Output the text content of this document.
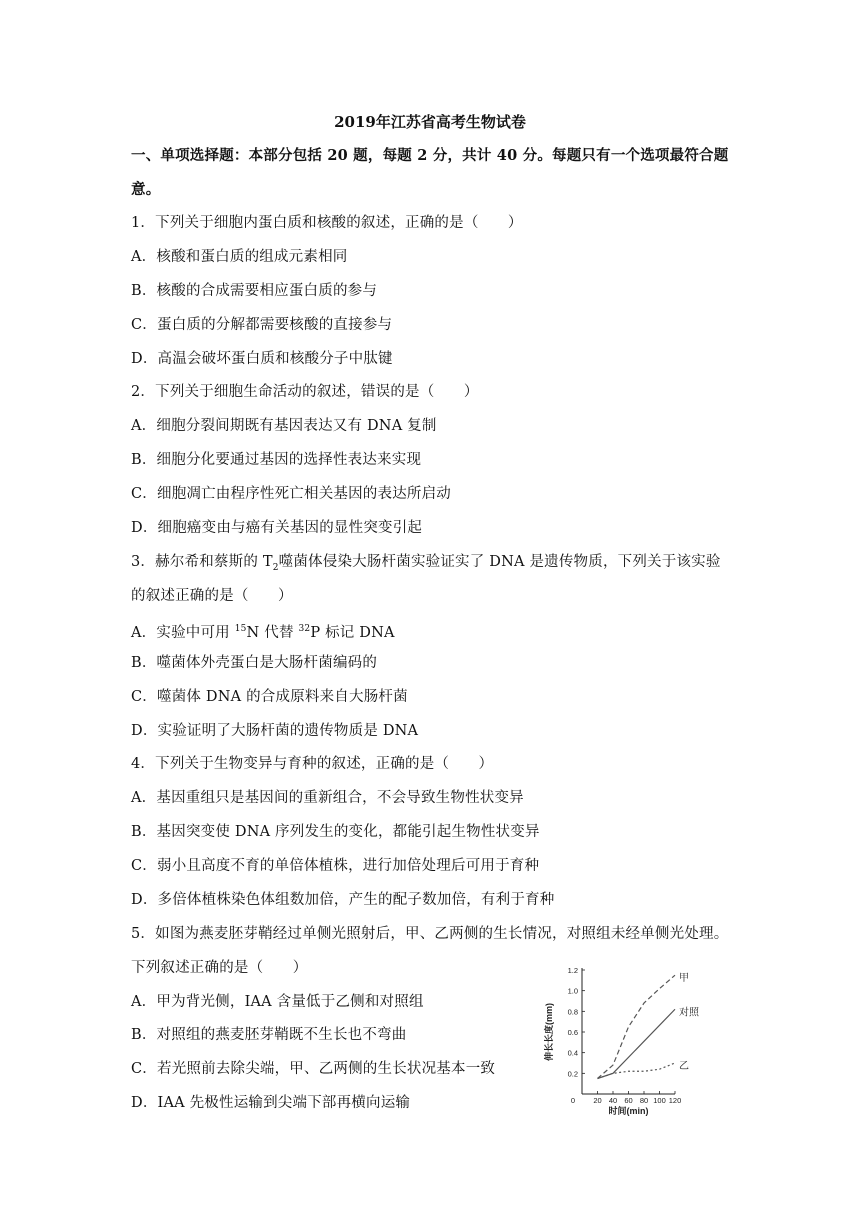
2019年江苏省高考生物试卷
一、单项选择题：本部分包括 20 题，每题 2 分，共计 40 分。每题只有一个选项最符合题
意。
1．下列关于细胞内蛋白质和核酸的叙述，正确的是（　　）
A．核酸和蛋白质的组成元素相同
B．核酸的合成需要相应蛋白质的参与
C．蛋白质的分解都需要核酸的直接参与
D．高温会破坏蛋白质和核酸分子中肽键
2．下列关于细胞生命活动的叙述，错误的是（　　）
A．细胞分裂间期既有基因表达又有 DNA 复制
B．细胞分化要通过基因的选择性表达来实现
C．细胞凋亡由程序性死亡相关基因的表达所启动
D．细胞癌变由与癌有关基因的显性突变引起
3．赫尔希和蔡斯的 $T_2$噬菌体侵染大肠杆菌实验证实了 DNA 是遗传物质，下列关于该实验
的叙述正确的是（　　）
A．实验中可用 $^{15}$N 代替 $^{32}$P 标记 DNA
B．噬菌体外壳蛋白是大肠杆菌编码的
C．噬菌体 DNA 的合成原料来自大肠杆菌
D．实验证明了大肠杆菌的遗传物质是 DNA
4．下列关于生物变异与育种的叙述，正确的是（　　）
A．基因重组只是基因间的重新组合，不会导致生物性状变异
B．基因突变使 DNA 序列发生的变化，都能引起生物性状变异
C．弱小且高度不育的单倍体植株，进行加倍处理后可用于育种
D．多倍体植株染色体组数加倍，产生的配子数加倍，有利于育种
5．如图为燕麦胚芽鞘经过单侧光照射后，甲、乙两侧的生长情况，对照组未经单侧光处理。
下列叙述正确的是（　　）
A．甲为背光侧，IAA 含量低于乙侧和对照组
B．对照组的燕麦胚芽鞘既不生长也不弯曲
C．若光照前去除尖端，甲、乙两侧的生长状况基本一致
D．IAA 先极性运输到尖端下部再横向运输
0.2
0.4
0.6
0.8
1.0
1.2
20 40 60 80 100 120
0
甲
对照
乙
时间(min)
伸长长度(mm)
